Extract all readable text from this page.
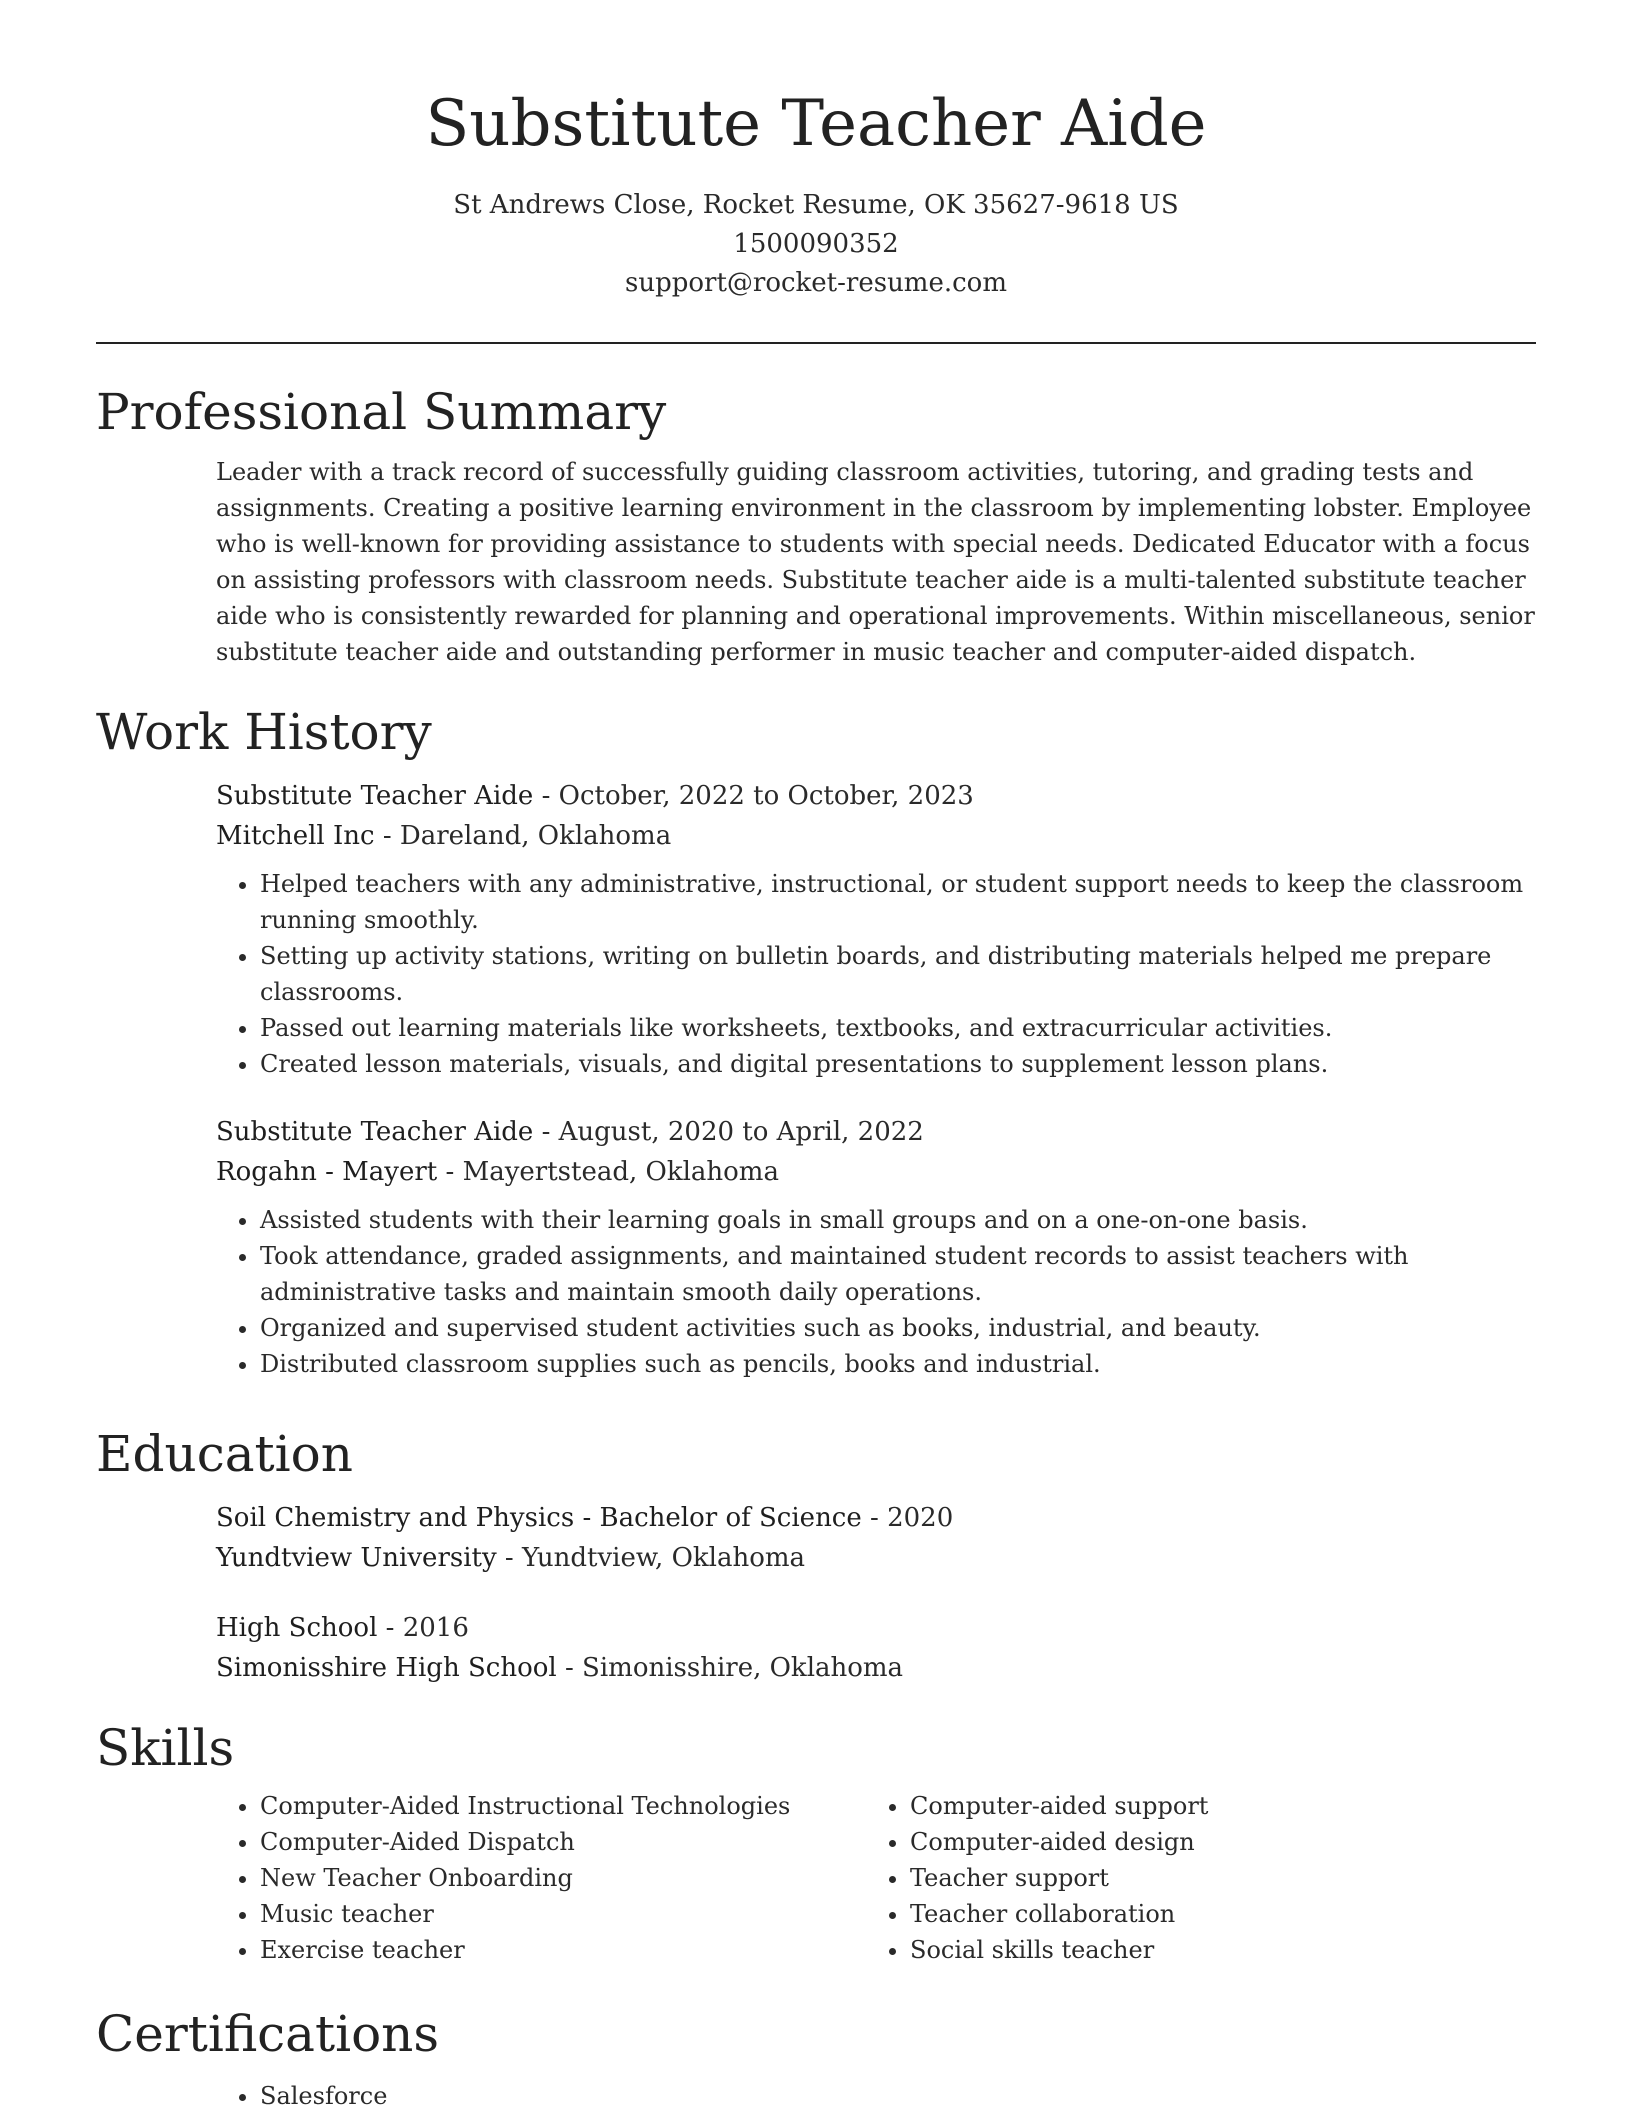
Substitute Teacher Aide
St Andrews Close, Rocket Resume, OK 35627-9618 US
1500090352
support@rocket-resume.com
Professional Summary

Leader with a track record of successfully guiding classroom activities, tutoring, and grading tests and assignments. Creating a positive learning environment in the classroom by implementing lobster. Employee who is well-known for providing assistance to students with special needs. Dedicated Educator with a focus on assisting professors with classroom needs. Substitute teacher aide is a multi-talented substitute teacher aide who is consistently rewarded for planning and operational improvements. Within miscellaneous, senior substitute teacher aide and outstanding performer in music teacher and computer-aided dispatch.

Work History
Substitute Teacher Aide - October, 2022 to October, 2023
Mitchell Inc - Dareland, Oklahoma
• Helped teachers with any administrative, instructional, or student support needs to keep the classroom running smoothly.
• Setting up activity stations, writing on bulletin boards, and distributing materials helped me prepare classrooms.
• Passed out learning materials like worksheets, textbooks, and extracurricular activities.
• Created lesson materials, visuals, and digital presentations to supplement lesson plans.
Substitute Teacher Aide - August, 2020 to April, 2022
Rogahn - Mayert - Mayertstead, Oklahoma
• Assisted students with their learning goals in small groups and on a one-on-one basis.
• Took attendance, graded assignments, and maintained student records to assist teachers with administrative tasks and maintain smooth daily operations.
• Organized and supervised student activities such as books, industrial, and beauty.
• Distributed classroom supplies such as pencils, books and industrial.
Education
Soil Chemistry and Physics - Bachelor of Science - 2020
Yundtview University - Yundtview, Oklahoma
High School - 2016
Simonisshire High School - Simonisshire, Oklahoma
Skills
• Computer-Aided Instructional Technologies
• Computer-Aided Dispatch
• New Teacher Onboarding
• Music teacher
• Exercise teacher
• Computer-aided support
• Computer-aided design
• Teacher support
• Teacher collaboration
• Social skills teacher
Certifications
• Salesforce
